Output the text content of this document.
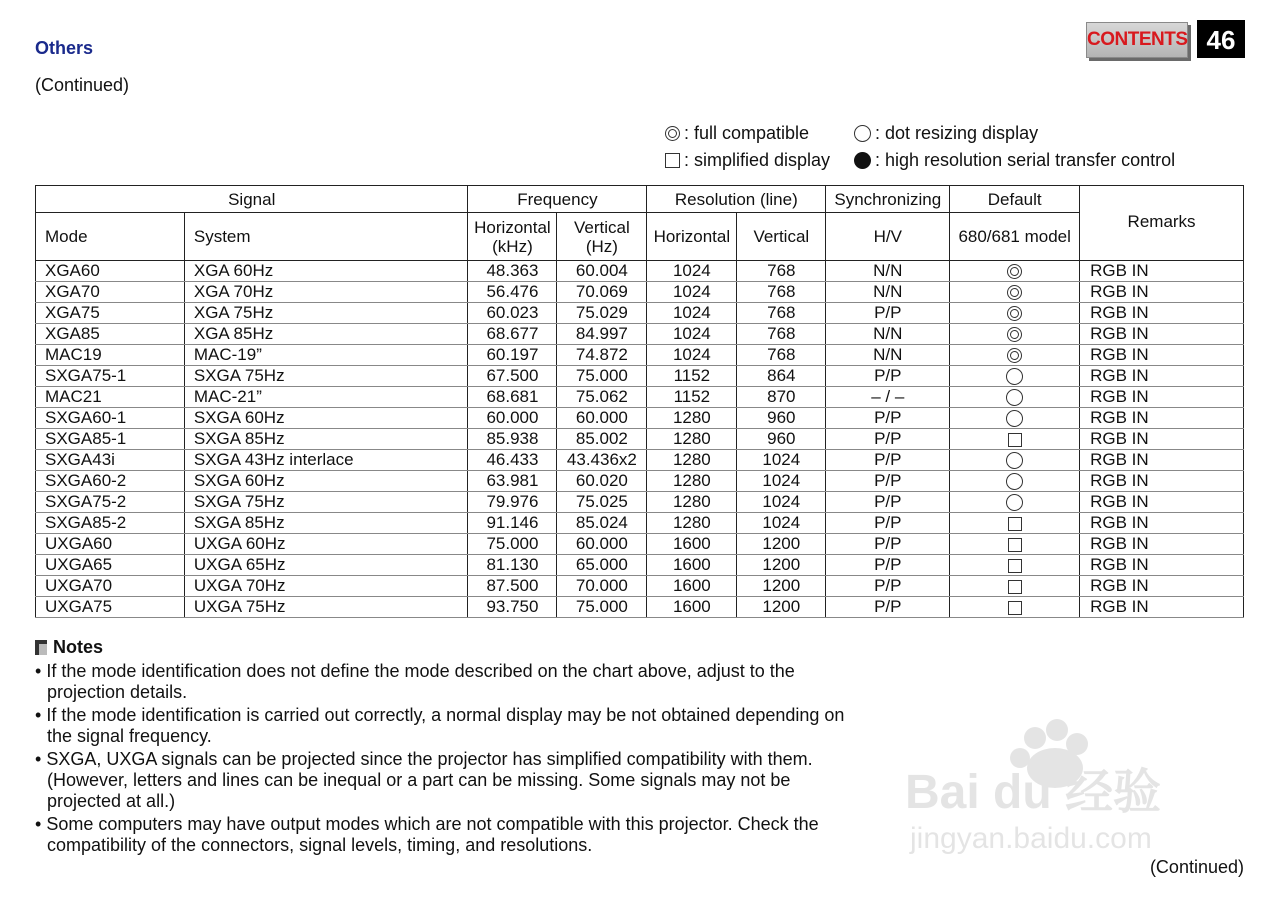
Others
(Continued)
CONTENTS 46
: full compatible	: dot resizing display
: simplified display : high resolution serial transfer control
Signal		Frequency		Resolution (line)		Synchronizing	Default	Remarks
Mode	System	Horizontal (kHz)	Vertical (Hz)	Horizontal	Vertical	H/V	680/681 model	
XGA60	XGA 60Hz	48.363	60.004	1024	768	N/N		RGB IN
XGA70	XGA 70Hz	56.476	70.069	1024	768	N/N		RGB IN
XGA75	XGA 75Hz	60.023	75.029	1024	768	P/P		RGB IN
XGA85	XGA 85Hz	68.677	84.997	1024	768	N/N		RGB IN
MAC19	MAC-19”	60.197	74.872	1024	768	N/N		RGB IN
SXGA75-1	SXGA 75Hz	67.500	75.000	1152	864	P/P		RGB IN
MAC21	MAC-21”	68.681	75.062	1152	870	– / –		RGB IN
SXGA60-1	SXGA 60Hz	60.000	60.000	1280	960	P/P		RGB IN
SXGA85-1	SXGA 85Hz	85.938	85.002	1280	960	P/P		RGB IN
SXGA43i	SXGA 43Hz interlace	46.433	43.436x2	1280	1024	P/P		RGB IN
SXGA60-2	SXGA 60Hz	63.981	60.020	1280	1024	P/P		RGB IN
SXGA75-2	SXGA 75Hz	79.976	75.025	1280	1024	P/P		RGB IN
SXGA85-2	SXGA 85Hz	91.146	85.024	1280	1024	P/P		RGB IN
UXGA60	UXGA 60Hz	75.000	60.000	1600	1200	P/P		RGB IN
UXGA65	UXGA 65Hz	81.130	65.000	1600	1200	P/P		RGB IN
UXGA70	UXGA 70Hz	87.500	70.000	1600	1200	P/P		RGB IN
UXGA75	UXGA 75Hz	93.750	75.000	1600	1200	P/P		RGB IN
Notes
• If the mode identification does not define the mode described on the chart above, adjust to the projection details.
• If the mode identification is carried out correctly, a normal display may be not obtained depending on the signal frequency.
• SXGA, UXGA signals can be projected since the projector has simplified compatibility with them. (However, letters and lines can be inequal or a part can be missing. Some signals may not be projected at all.)
• Some computers may have output modes which are not compatible with this projector. Check the compatibility of the connectors, signal levels, timing, and resolutions.
(Continued)
Bai du 经验
jingyan.baidu.com
